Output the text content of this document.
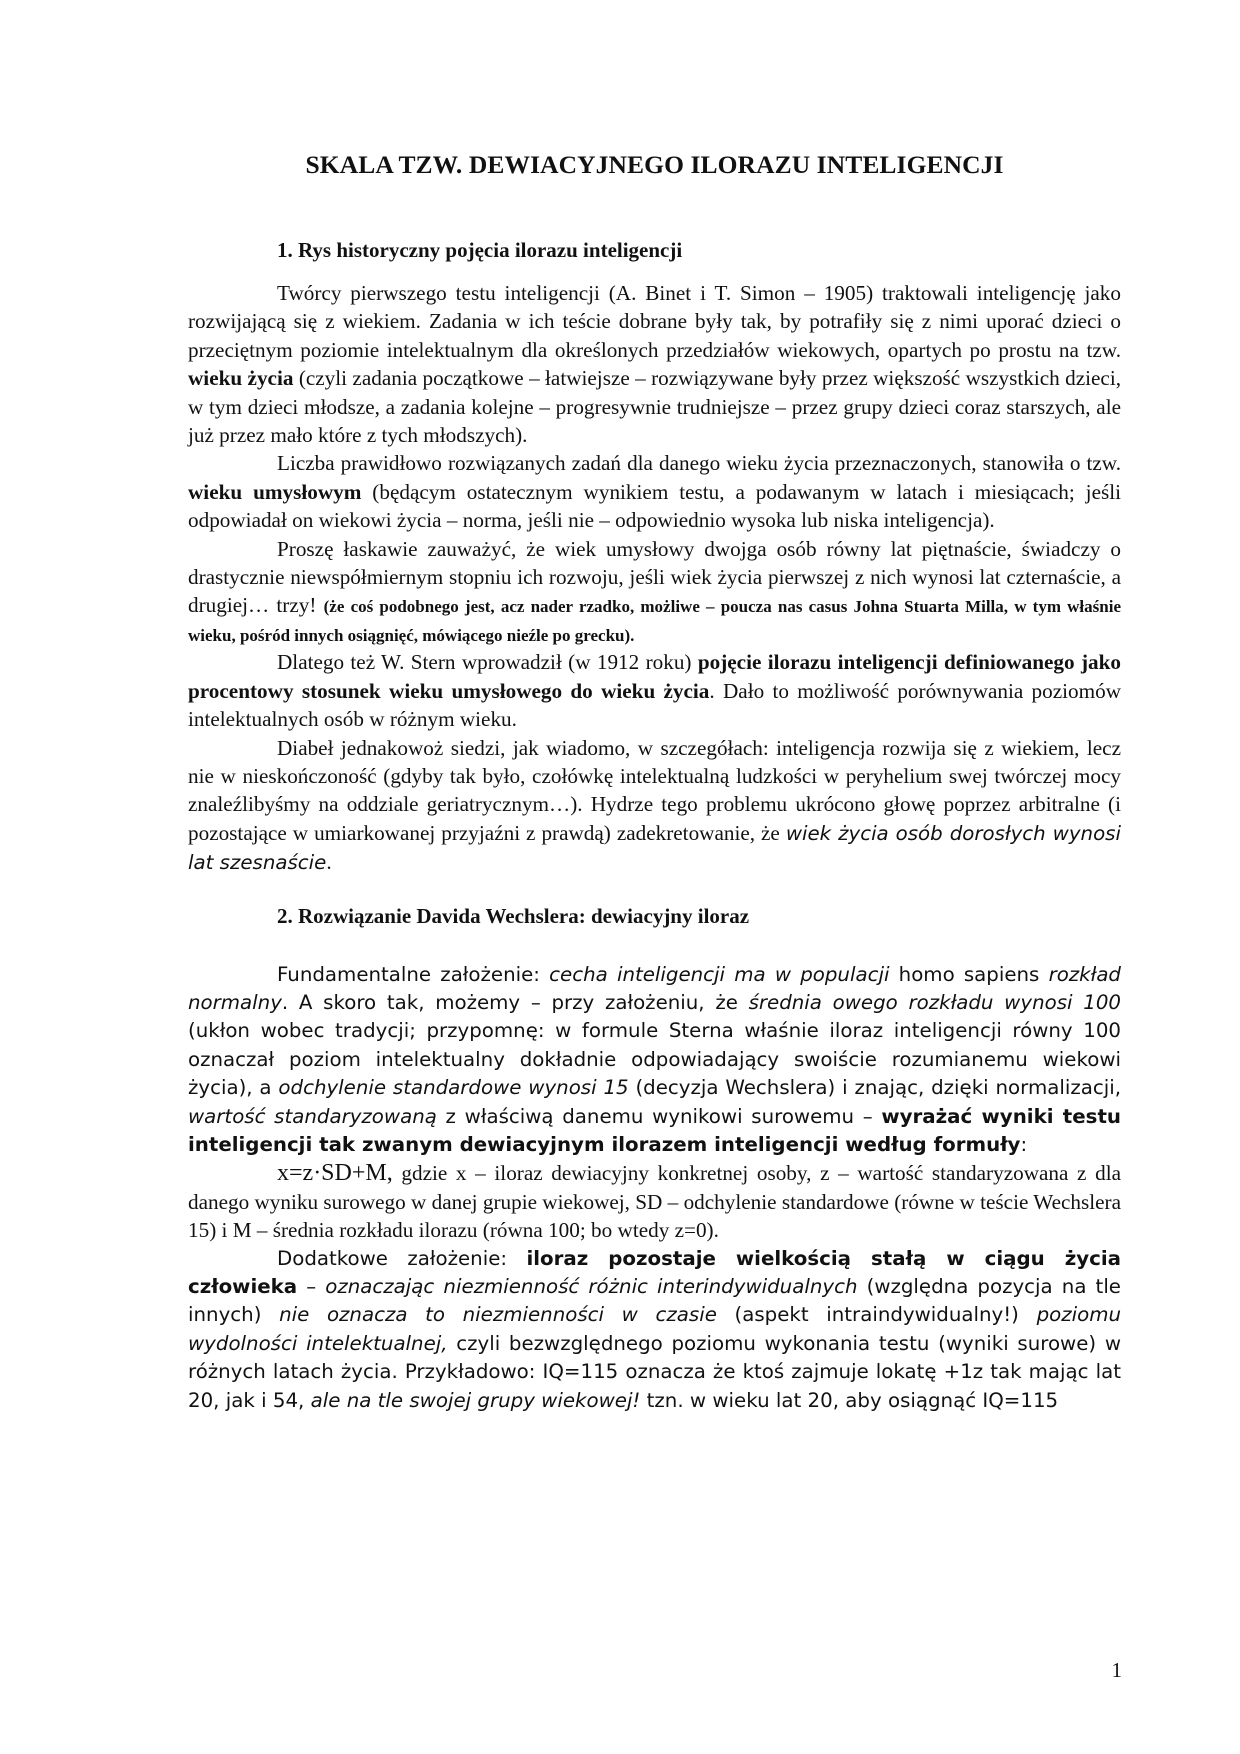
SKALA TZW. DEWIACYJNEGO ILORAZU INTELIGENCJI
1. Rys historyczny pojęcia ilorazu inteligencji

Twórcy pierwszego testu inteligencji (A. Binet i T. Simon – 1905) traktowali inteligencję jako rozwijającą się z wiekiem. Zadania w ich teście dobrane były tak, by potrafiły się z nimi uporać dzieci o przeciętnym poziomie intelektualnym dla określonych przedziałów wiekowych, opartych po prostu na tzw. wieku życia (czyli zadania początkowe – łatwiejsze – rozwiązywane były przez większość wszystkich dzieci, w tym dzieci młodsze, a zadania kolejne – progresywnie trudniejsze – przez grupy dzieci coraz starszych, ale już przez mało które z tych młodszych).

Liczba prawidłowo rozwiązanych zadań dla danego wieku życia przeznaczonych, stanowiła o tzw. wieku umysłowym (będącym ostatecznym wynikiem testu, a podawanym w latach i miesiącach; jeśli odpowiadał on wiekowi życia – norma, jeśli nie – odpowiednio wysoka lub niska inteligencja).

Proszę łaskawie zauważyć, że wiek umysłowy dwojga osób równy lat piętnaście, świadczy o drastycznie niewspółmiernym stopniu ich rozwoju, jeśli wiek życia pierwszej z nich wynosi lat czternaście, a drugiej… trzy! (że coś podobnego jest, acz nader rzadko, możliwe – poucza nas casus Johna Stuarta Milla, w tym właśnie wieku, pośród innych osiągnięć, mówiącego nieźle po grecku).

Dlatego też W. Stern wprowadził (w 1912 roku) pojęcie ilorazu inteligencji definiowanego jako procentowy stosunek wieku umysłowego do wieku życia. Dało to możliwość porównywania poziomów intelektualnych osób w różnym wieku.

Diabeł jednakowoż siedzi, jak wiadomo, w szczegółach: inteligencja rozwija się z wiekiem, lecz nie w nieskończoność (gdyby tak było, czołówkę intelektualną ludzkości w peryhelium swej twórczej mocy znaleźlibyśmy na oddziale geriatrycznym…). Hydrze tego problemu ukrócono głowę poprzez arbitralne (i pozostające w umiarkowanej przyjaźni z prawdą) zadekretowanie, że wiek życia osób dorosłych wynosi lat szesnaście.

2. Rozwiązanie Davida Wechslera: dewiacyjny iloraz

Fundamentalne założenie: cecha inteligencji ma w populacji homo sapiens rozkład normalny. A skoro tak, możemy – przy założeniu, że średnia owego rozkładu wynosi 100 (ukłon wobec tradycji; przypomnę: w formule Sterna właśnie iloraz inteligencji równy 100 oznaczał poziom intelektualny dokładnie odpowiadający swoiście rozumianemu wiekowi życia), a odchylenie standardowe wynosi 15 (decyzja Wechslera) i znając, dzięki normalizacji, wartość standaryzowaną z właściwą danemu wynikowi surowemu – wyrażać wyniki testu inteligencji tak zwanym dewiacyjnym ilorazem inteligencji według formuły:

x=z·SD+M, gdzie x – iloraz dewiacyjny konkretnej osoby, z – wartość standaryzowana z dla danego wyniku surowego w danej grupie wiekowej, SD – odchylenie standardowe (równe w teście Wechslera 15) i M – średnia rozkładu ilorazu (równa 100; bo wtedy z=0).

Dodatkowe założenie: iloraz pozostaje wielkością stałą w ciągu życia człowieka – oznaczając niezmienność różnic interindywidualnych (względna pozycja na tle innych) nie oznacza to niezmienności w czasie (aspekt intraindywidualny!) poziomu wydolności intelektualnej, czyli bezwzględnego poziomu wykonania testu (wyniki surowe) w różnych latach życia. Przykładowo: IQ=115 oznacza że ktoś zajmuje lokatę +1z tak mając lat 20, jak i 54, ale na tle swojej grupy wiekowej! tzn. w wieku lat 20, aby osiągnąć IQ=115

1
